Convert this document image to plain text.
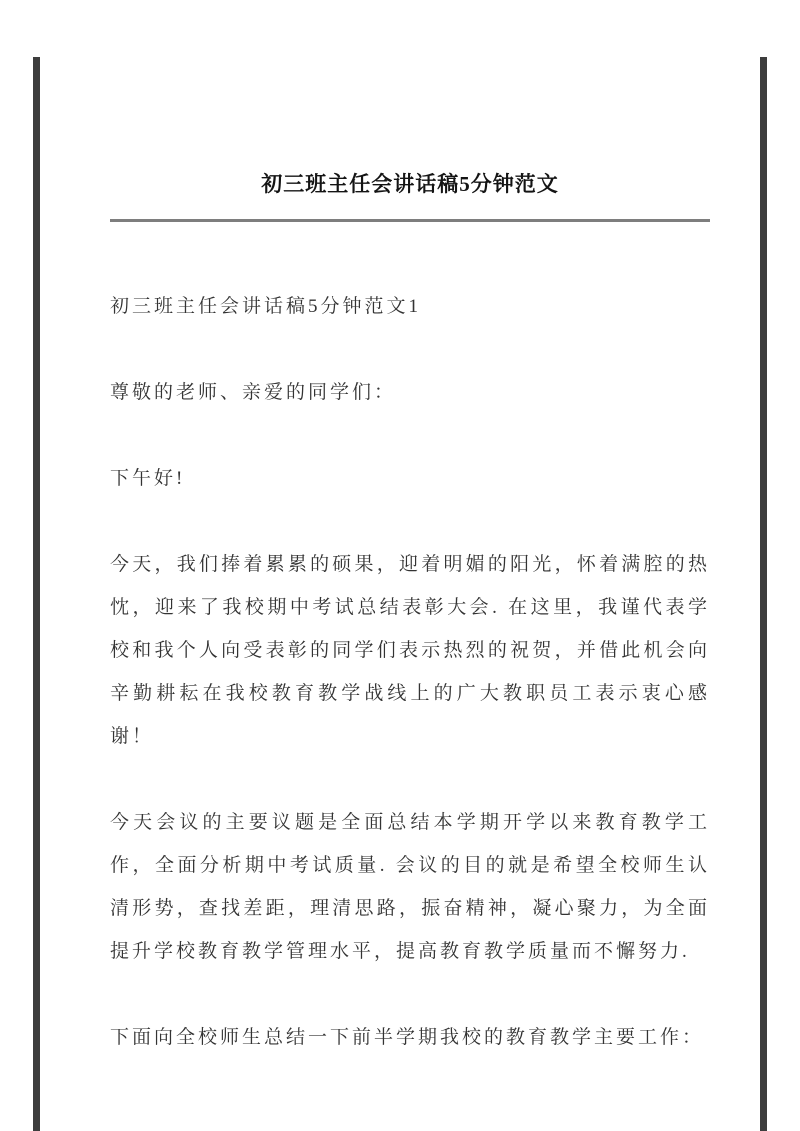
初三班主任会讲话稿5分钟范文

初三班主任会讲话稿5分钟范文1

尊敬的老师、亲爱的同学们：

下午好!

今天，我们捧着累累的硕果，迎着明媚的阳光，怀着满腔的热忱，迎来了我校期中考试总结表彰大会. 在这里，我谨代表学校和我个人向受表彰的同学们表示热烈的祝贺，并借此机会向辛勤耕耘在我校教育教学战线上的广大教职员工表示衷心感谢！

今天会议的主要议题是全面总结本学期开学以来教育教学工作，全面分析期中考试质量. 会议的目的就是希望全校师生认清形势，查找差距，理清思路，振奋精神，凝心聚力，为全面提升学校教育教学管理水平，提高教育教学质量而不懈努力.

下面向全校师生总结一下前半学期我校的教育教学主要工作：
